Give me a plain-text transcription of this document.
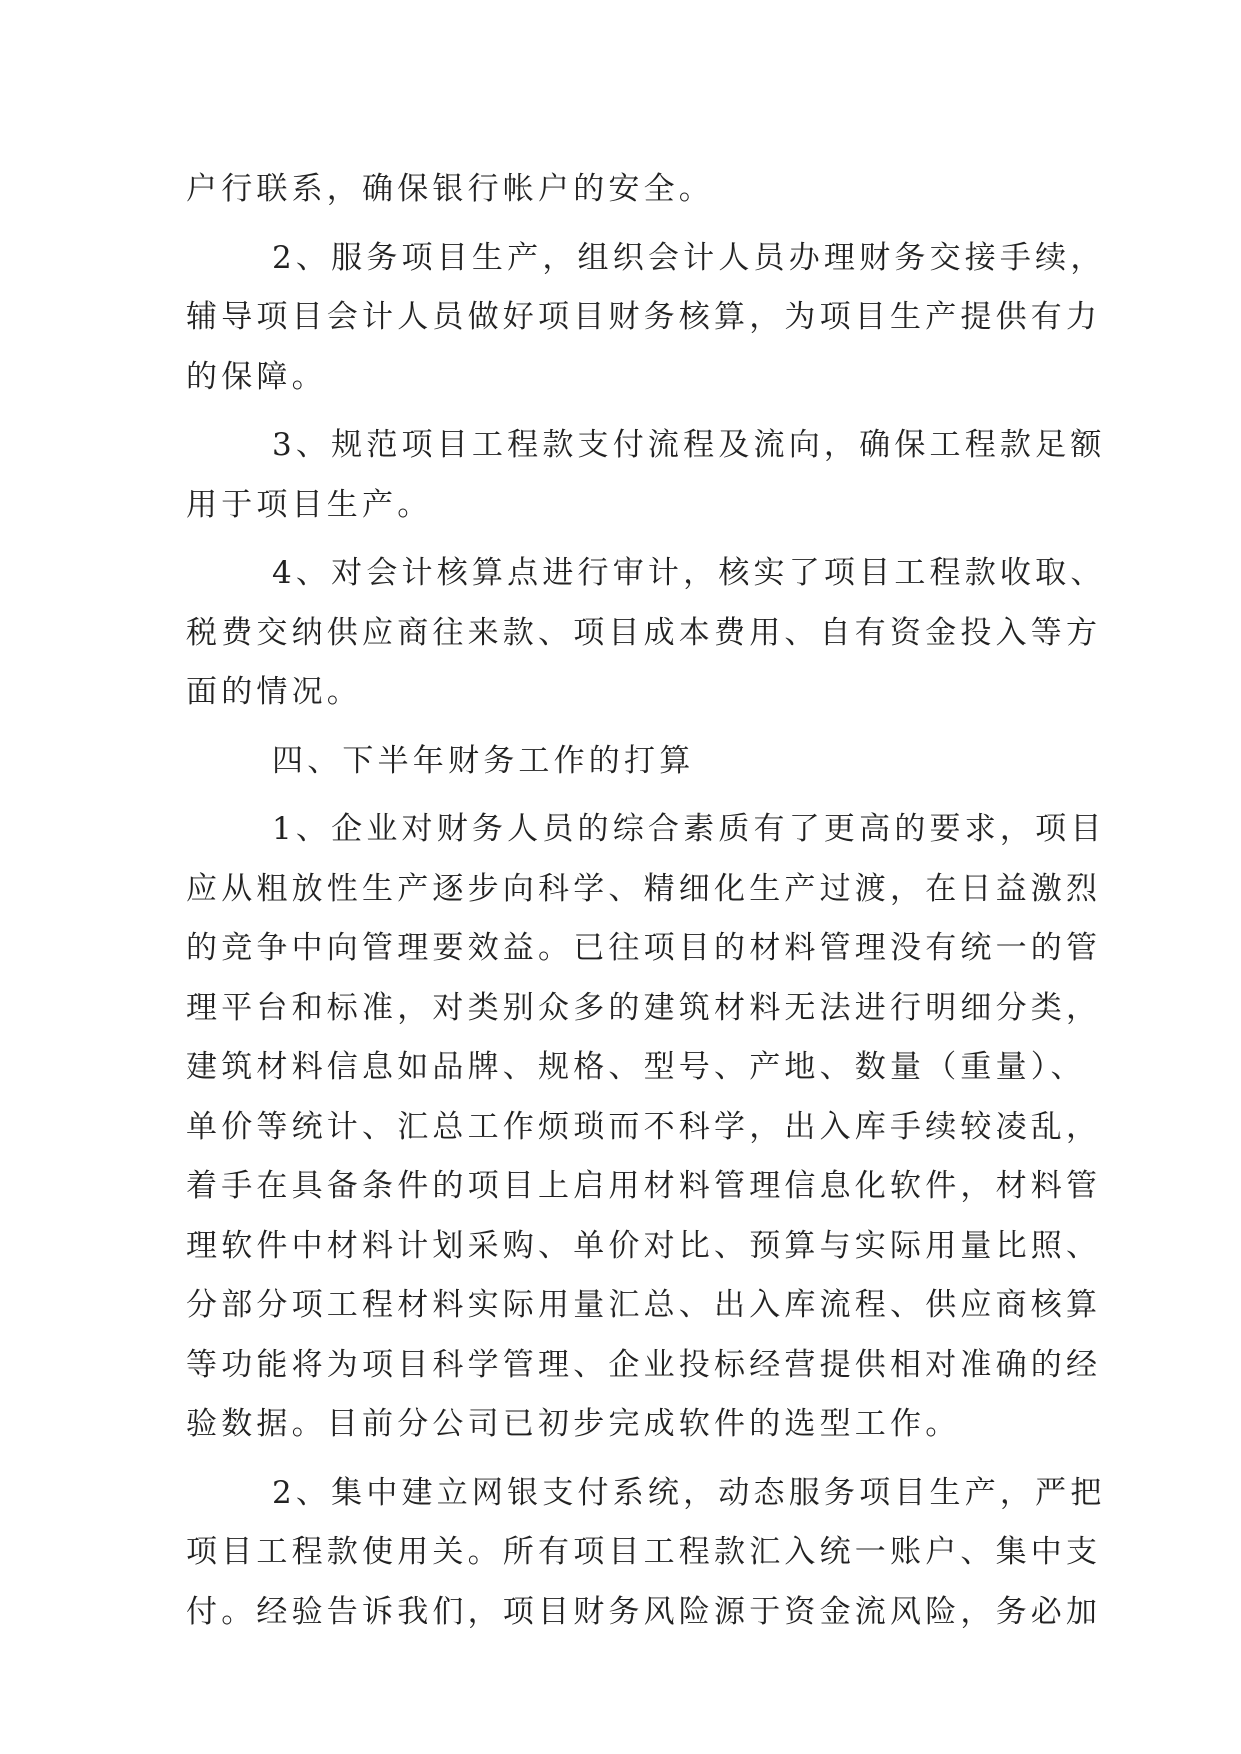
户行联系，确保银行帐户的安全。
2、服务项目生产，组织会计人员办理财务交接手续，
辅导项目会计人员做好项目财务核算，为项目生产提供有力
的保障。
3、规范项目工程款支付流程及流向，确保工程款足额
用于项目生产。
4、对会计核算点进行审计，核实了项目工程款收取、
税费交纳供应商往来款、项目成本费用、自有资金投入等方
面的情况。
四、下半年财务工作的打算
1、企业对财务人员的综合素质有了更高的要求，项目
应从粗放性生产逐步向科学、精细化生产过渡，在日益激烈
的竞争中向管理要效益。已往项目的材料管理没有统一的管
理平台和标准，对类别众多的建筑材料无法进行明细分类，
建筑材料信息如品牌、规格、型号、产地、数量（重量）、
单价等统计、汇总工作烦琐而不科学，出入库手续较凌乱，
着手在具备条件的项目上启用材料管理信息化软件，材料管
理软件中材料计划采购、单价对比、预算与实际用量比照、
分部分项工程材料实际用量汇总、出入库流程、供应商核算
等功能将为项目科学管理、企业投标经营提供相对准确的经
验数据。目前分公司已初步完成软件的选型工作。
2、集中建立网银支付系统，动态服务项目生产，严把
项目工程款使用关。所有项目工程款汇入统一账户、集中支
付。经验告诉我们，项目财务风险源于资金流风险，务必加
